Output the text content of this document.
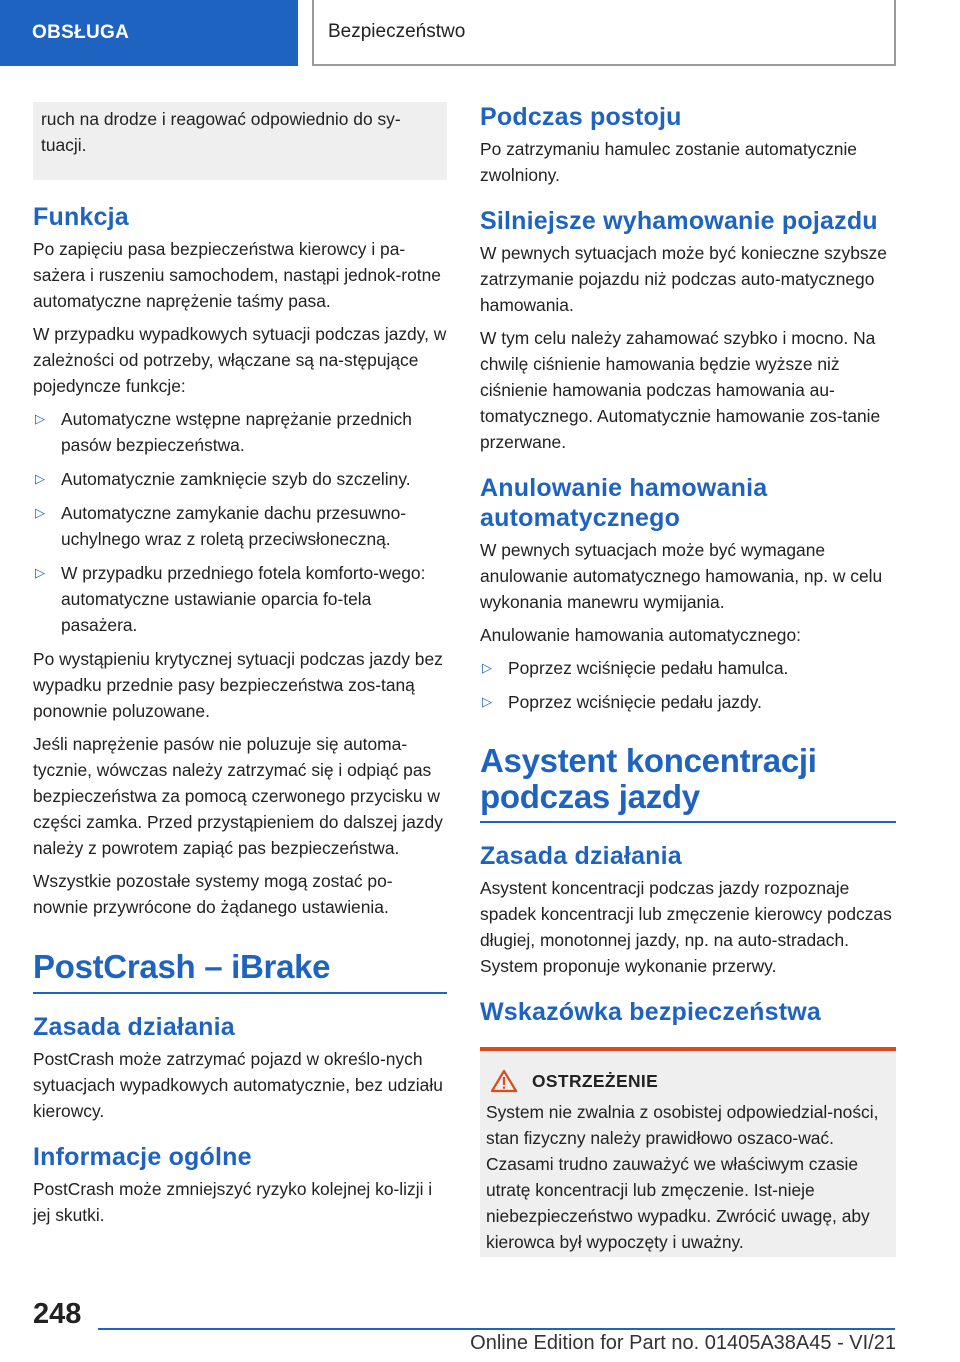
OBSŁUGA	Bezpieczeństwo

ruch na drodze i reagować odpowiednio do sy-tuacji.

Funkcja

Po zapięciu pasa bezpieczeństwa kierowcy i pa-sażera i ruszeniu samochodem, nastąpi jednok-rotne automatyczne naprężenie taśmy pasa.

W przypadku wypadkowych sytuacji podczas jazdy, w zależności od potrzeby, włączane są na-stępujące pojedyncze funkcje:

▷ Automatyczne wstępne naprężanie przednich pasów bezpieczeństwa.
▷ Automatycznie zamknięcie szyb do szczeliny.
▷ Automatyczne zamykanie dachu przesuwno-uchylnego wraz z roletą przeciwsłoneczną.
▷ W przypadku przedniego fotela komforto-wego: automatyczne ustawianie oparcia fo-tela pasażera.

Po wystąpieniu krytycznej sytuacji podczas jazdy bez wypadku przednie pasy bezpieczeństwa zos-taną ponownie poluzowane.

Jeśli naprężenie pasów nie poluzuje się automa-tycznie, wówczas należy zatrzymać się i odpiąć pas bezpieczeństwa za pomocą czerwonego przycisku w części zamka. Przed przystąpieniem do dalszej jazdy należy z powrotem zapiąć pas bezpieczeństwa.

Wszystkie pozostałe systemy mogą zostać po-nownie przywrócone do żądanego ustawienia.

PostCrash – iBrake
Zasada działania

PostCrash może zatrzymać pojazd w określo-nych sytuacjach wypadkowych automatycznie, bez udziału kierowcy.

Informacje ogólne

PostCrash może zmniejszyć ryzyko kolejnej ko-lizji i jej skutki.

Podczas postoju

Po zatrzymaniu hamulec zostanie automatycznie zwolniony.

Silniejsze wyhamowanie pojazdu

W pewnych sytuacjach może być konieczne szybsze zatrzymanie pojazdu niż podczas auto-matycznego hamowania.

W tym celu należy zahamować szybko i mocno. Na chwilę ciśnienie hamowania będzie wyższe niż ciśnienie hamowania podczas hamowania au-tomatycznego. Automatycznie hamowanie zos-tanie przerwane.

Anulowanie hamowania automatycznego

W pewnych sytuacjach może być wymagane anulowanie automatycznego hamowania, np. w celu wykonania manewru wymijania.

Anulowanie hamowania automatycznego:

▷ Poprzez wciśnięcie pedału hamulca.
▷ Poprzez wciśnięcie pedału jazdy.
Asystent koncentracji podczas jazdy
Zasada działania

Asystent koncentracji podczas jazdy rozpoznaje spadek koncentracji lub zmęczenie kierowcy podczas długiej, monotonnej jazdy, np. na auto-stradach. System proponuje wykonanie przerwy.

Wskazówka bezpieczeństwa
OSTRZEŻENIE

System nie zwalnia z osobistej odpowiedzial-ności, stan fizyczny należy prawidłowo oszaco-wać. Czasami trudno zauważyć we właściwym czasie utratę koncentracji lub zmęczenie. Ist-nieje niebezpieczeństwo wypadku. Zwrócić uwagę, aby kierowca był wypoczęty i uważny.

248
Online Edition for Part no. 01405A38A45 - VI/21
